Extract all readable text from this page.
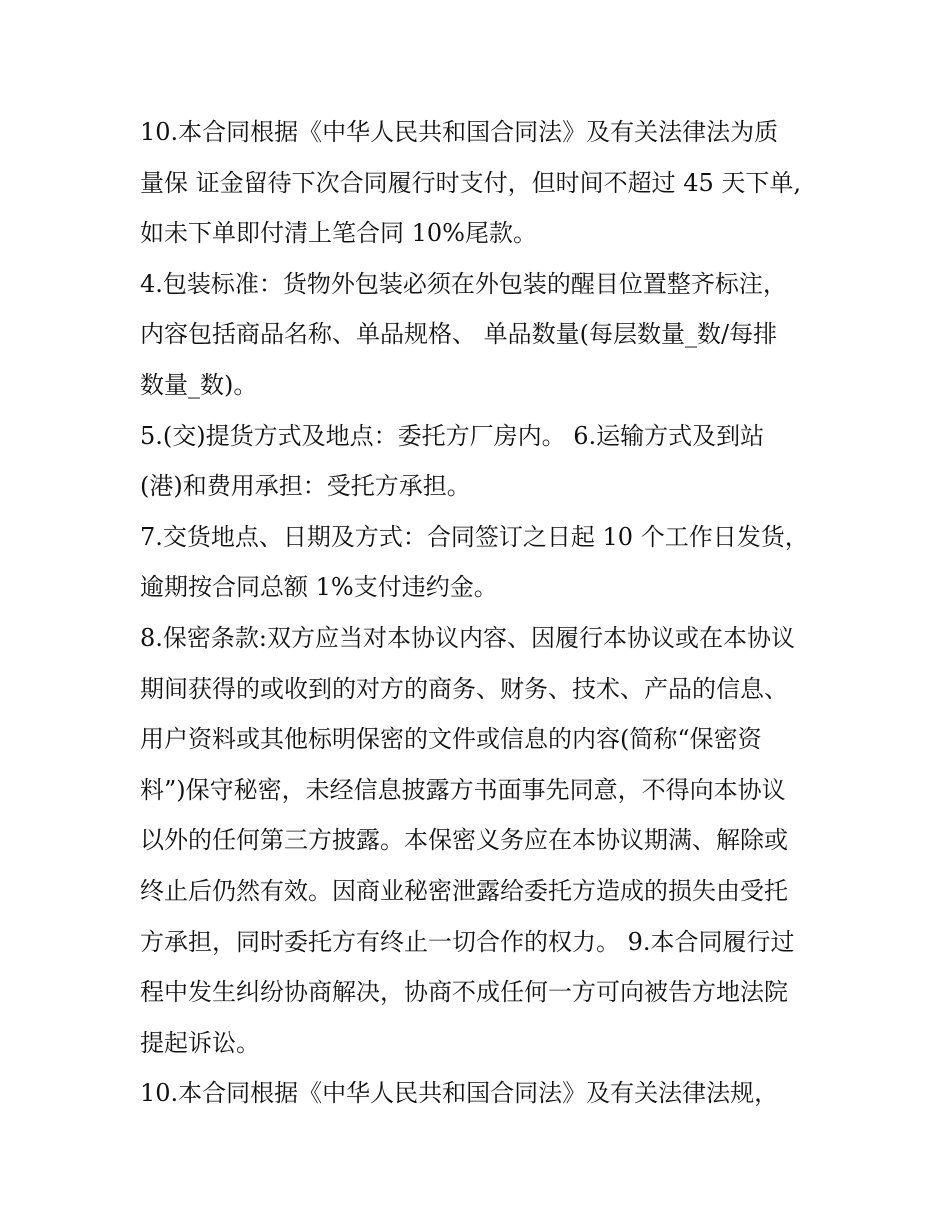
10.本合同根据《中华人民共和国合同法》及有关法律法为质
量保 证金留待下次合同履行时支付，但时间不超过 45 天下单,
如未下单即付清上笔合同 10%尾款。
4.包装标准：货物外包装必须在外包装的醒目位置整齐标注，
内容包括商品名称、单品规格、 单品数量(每层数量_数/每排
数量_数)。
5.(交)提货方式及地点：委托方厂房内。 6.运输方式及到站
(港)和费用承担：受托方承担。
7.交货地点、日期及方式：合同签订之日起 10 个工作日发货，
逾期按合同总额 1%支付违约金。
8.保密条款:双方应当对本协议内容、因履行本协议或在本协议
期间获得的或收到的对方的商务、财务、技术、产品的信息、
用户资料或其他标明保密的文件或信息的内容(简称“保密资
料”)保守秘密，未经信息披露方书面事先同意，不得向本协议
以外的任何第三方披露。本保密义务应在本协议期满、解除或
终止后仍然有效。因商业秘密泄露给委托方造成的损失由受托
方承担，同时委托方有终止一切合作的权力。 9.本合同履行过
程中发生纠纷协商解决，协商不成任何一方可向被告方地法院
提起诉讼。
10.本合同根据《中华人民共和国合同法》及有关法律法规，
